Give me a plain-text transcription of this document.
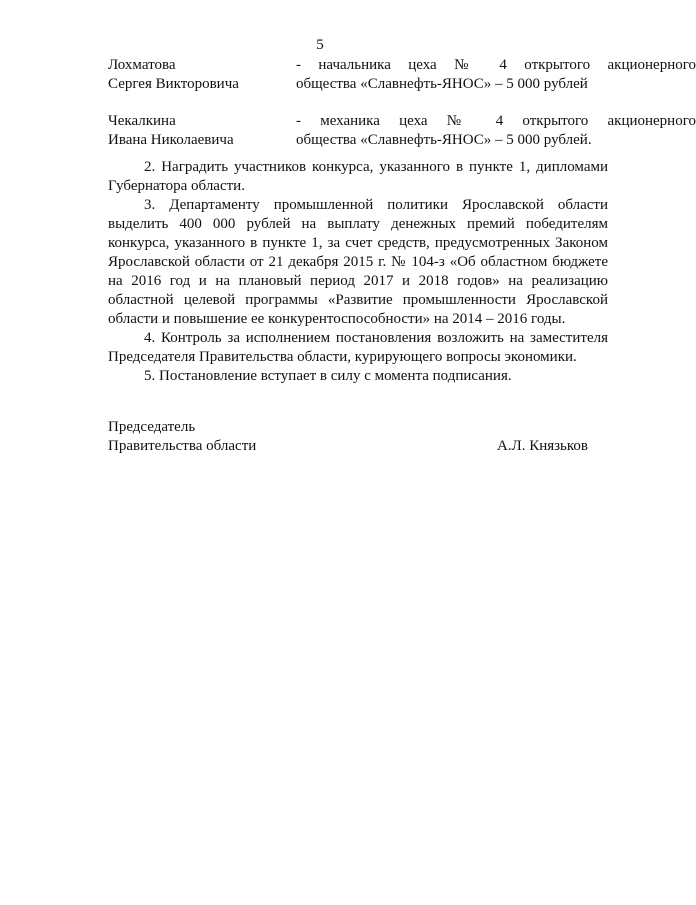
5
Лохматова
Сергея Викторовича
- начальника цеха № 4 открытого акционерного
общества «Славнефть-ЯНОС» – 5 000 рублей
Чекалкина
Ивана Николаевича
- механика цеха № 4 открытого акционерного
общества «Славнефть-ЯНОС» – 5 000 рублей.

2. Наградить участников конкурса, указанного в пункте 1, дипломами Губернатора области.

3. Департаменту промышленной политики Ярославской области выделить 400 000 рублей на выплату денежных премий победителям конкурса, указанного в пункте 1, за счет средств, предусмотренных Законом Ярославской области от 21 декабря 2015 г. № 104-з «Об областном бюджете на 2016 год и на плановый период 2017 и 2018 годов» на реализацию областной целевой программы «Развитие промышленности Ярославской области и повышение ее конкурентоспособности» на 2014 – 2016 годы.

4. Контроль за исполнением постановления возложить на заместителя Председателя Правительства области, курирующего вопросы экономики.

5. Постановление вступает в силу с момента подписания.

Председатель
Правительства области	А.Л. Князьков
